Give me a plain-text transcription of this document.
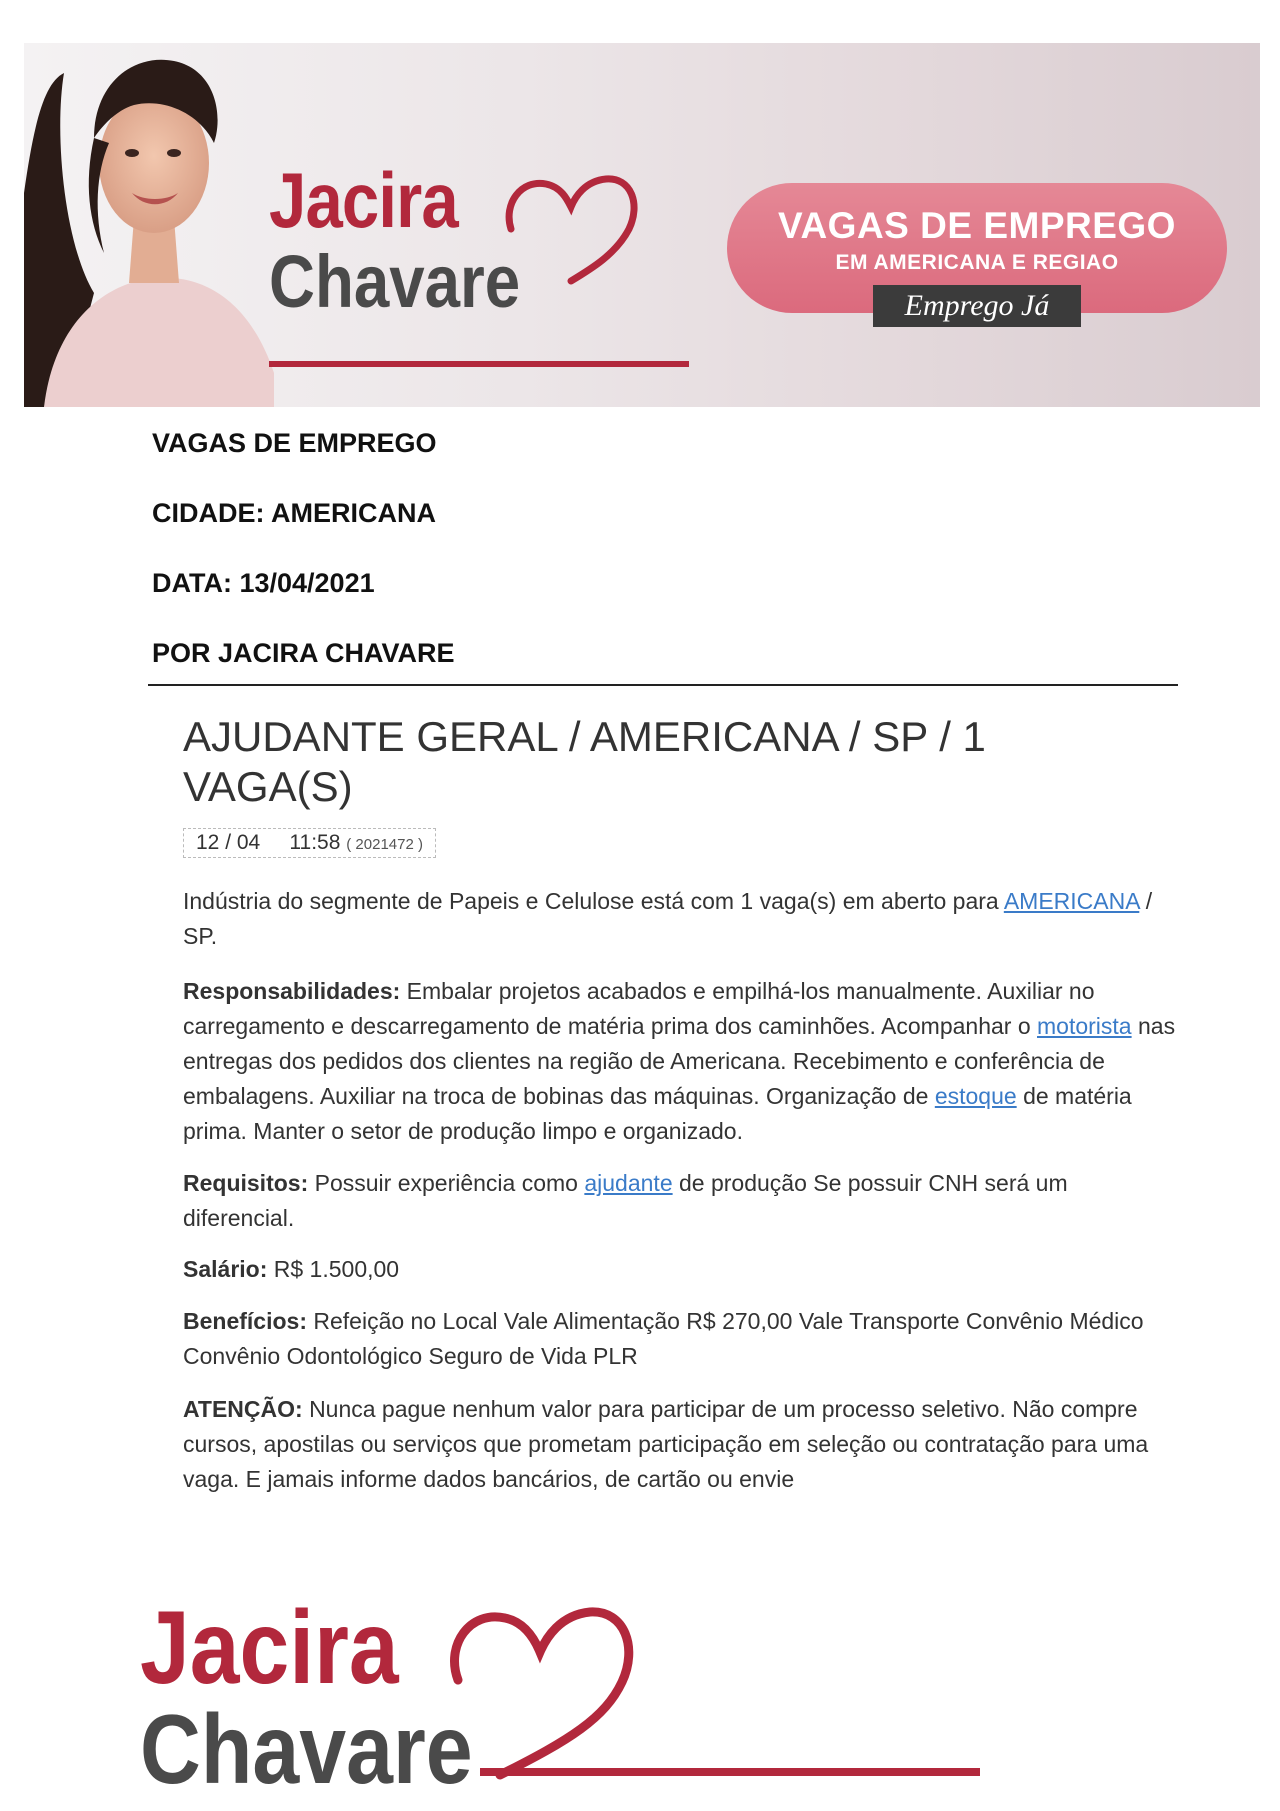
Jacira
Chavare
VAGAS DE EMPREGO
EM AMERICANA E REGIAO
Emprego Já
VAGAS DE EMPREGO
CIDADE: AMERICANA
DATA: 13/04/2021
POR JACIRA CHAVARE
AJUDANTE GERAL / AMERICANA / SP / 1 VAGA(S)
12 / 04 11:58 ( 2021472 )
Indústria do segmente de Papeis e Celulose está com 1 vaga(s) em aberto para AMERICANA / SP.
Responsabilidades: Embalar projetos acabados e empilhá-los manualmente. Auxiliar no carregamento e descarregamento de matéria prima dos caminhões. Acompanhar o motorista nas entregas dos pedidos dos clientes na região de Americana. Recebimento e conferência de embalagens. Auxiliar na troca de bobinas das máquinas. Organização de estoque de matéria prima. Manter o setor de produção limpo e organizado.
Requisitos: Possuir experiência como ajudante de produção Se possuir CNH será um diferencial.
Salário: R$ 1.500,00
Benefícios: Refeição no Local Vale Alimentação R$ 270,00 Vale Transporte Convênio Médico Convênio Odontológico Seguro de Vida PLR
ATENÇÃO: Nunca pague nenhum valor para participar de um processo seletivo. Não compre cursos, apostilas ou serviços que prometam participação em seleção ou contratação para uma vaga. E jamais informe dados bancários, de cartão ou envie
Jacira
Chavare
